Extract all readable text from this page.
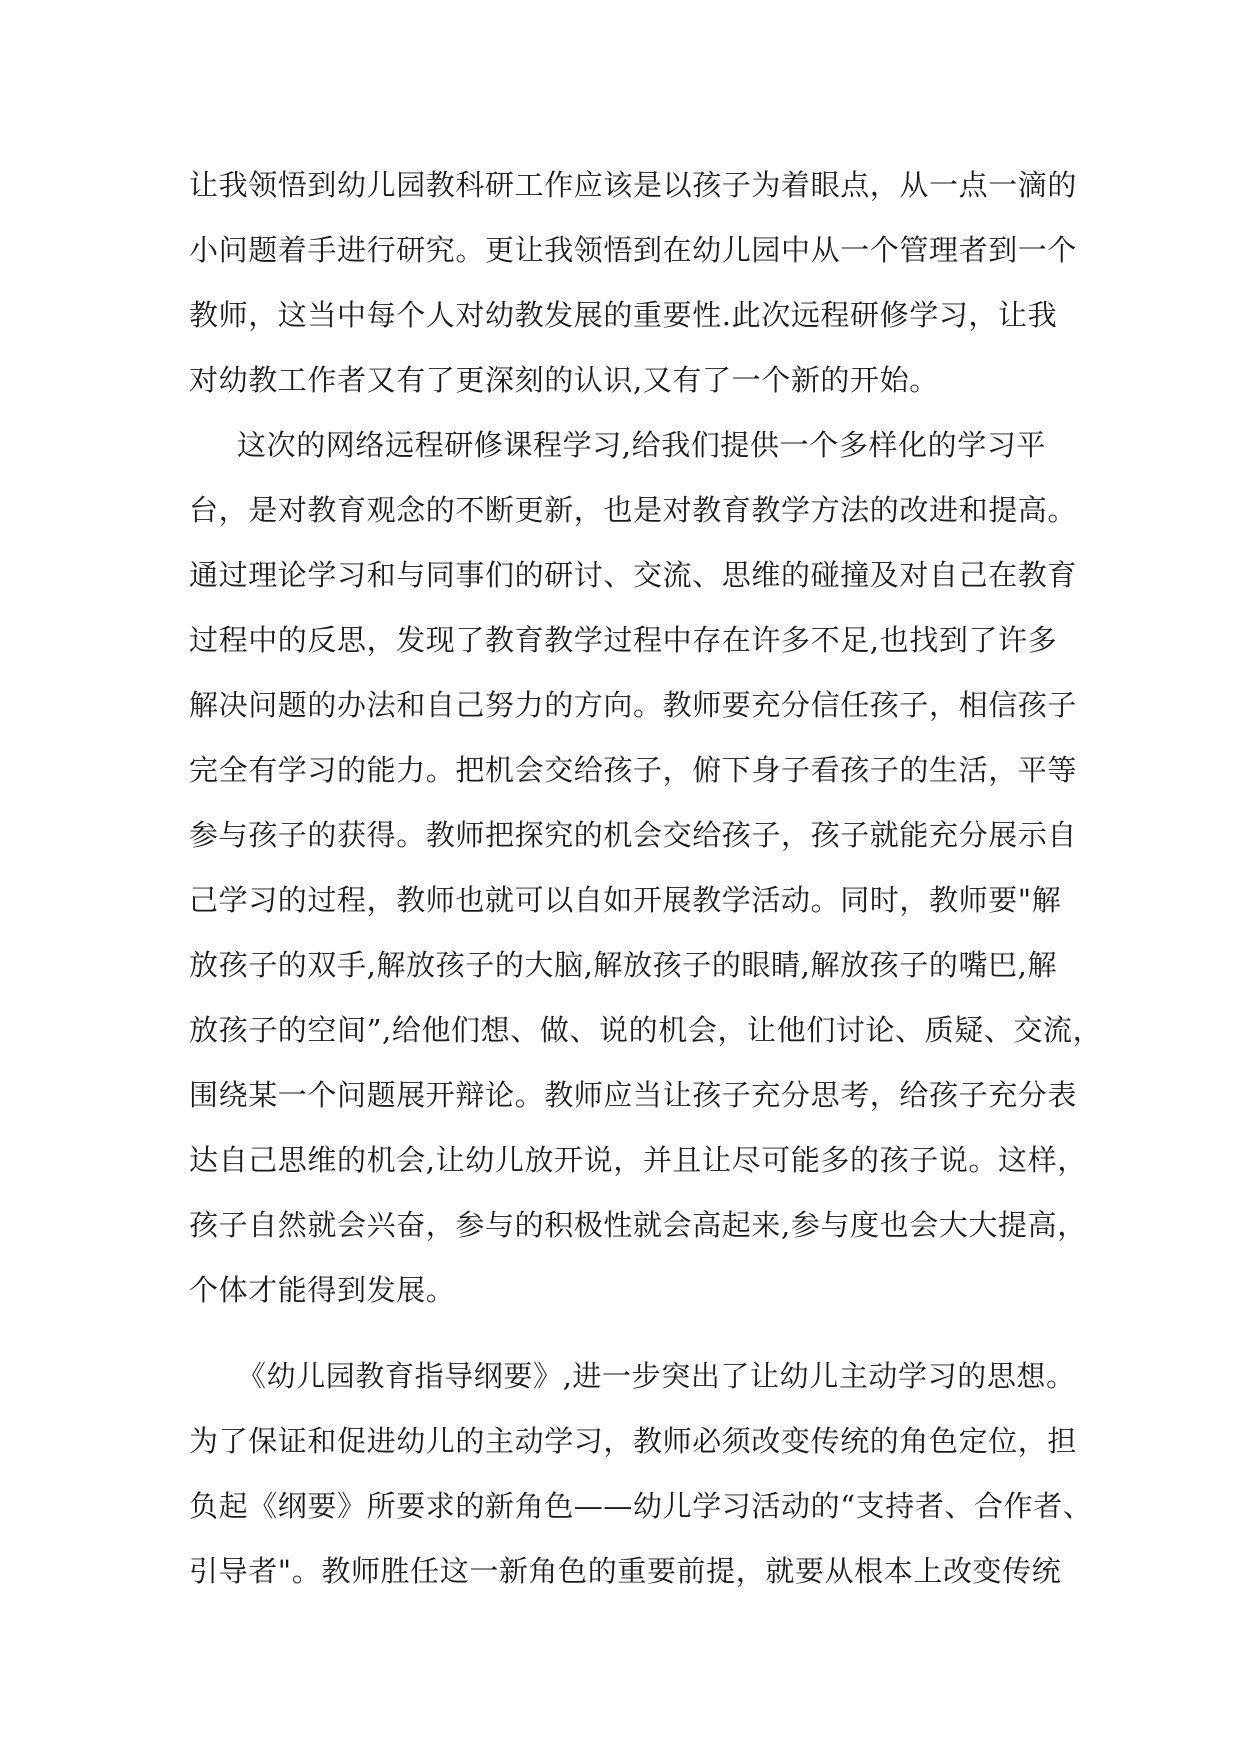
让我领悟到幼儿园教科研工作应该是以孩子为着眼点，从一点一滴的
小问题着手进行研究。更让我领悟到在幼儿园中从一个管理者到一个
教师，这当中每个人对幼教发展的重要性.此次远程研修学习，让我
对幼教工作者又有了更深刻的认识,又有了一个新的开始。
这次的网络远程研修课程学习,给我们提供一个多样化的学习平
台，是对教育观念的不断更新，也是对教育教学方法的改进和提高。
通过理论学习和与同事们的研讨、交流、思维的碰撞及对自己在教育
过程中的反思，发现了教育教学过程中存在许多不足,也找到了许多
解决问题的办法和自己努力的方向。教师要充分信任孩子，相信孩子
完全有学习的能力。把机会交给孩子，俯下身子看孩子的生活，平等
参与孩子的获得。教师把探究的机会交给孩子，孩子就能充分展示自
己学习的过程，教师也就可以自如开展教学活动。同时，教师要"解
放孩子的双手,解放孩子的大脑,解放孩子的眼睛,解放孩子的嘴巴,解
放孩子的空间”,给他们想、做、说的机会，让他们讨论、质疑、交流，
围绕某一个问题展开辩论。教师应当让孩子充分思考，给孩子充分表
达自己思维的机会,让幼儿放开说，并且让尽可能多的孩子说。这样，
孩子自然就会兴奋，参与的积极性就会高起来,参与度也会大大提高，
个体才能得到发展。
《幼儿园教育指导纲要》,进一步突出了让幼儿主动学习的思想。
为了保证和促进幼儿的主动学习，教师必须改变传统的角色定位，担
负起《纲要》所要求的新角色——幼儿学习活动的“支持者、合作者、
引导者"。教师胜任这一新角色的重要前提，就要从根本上改变传统
